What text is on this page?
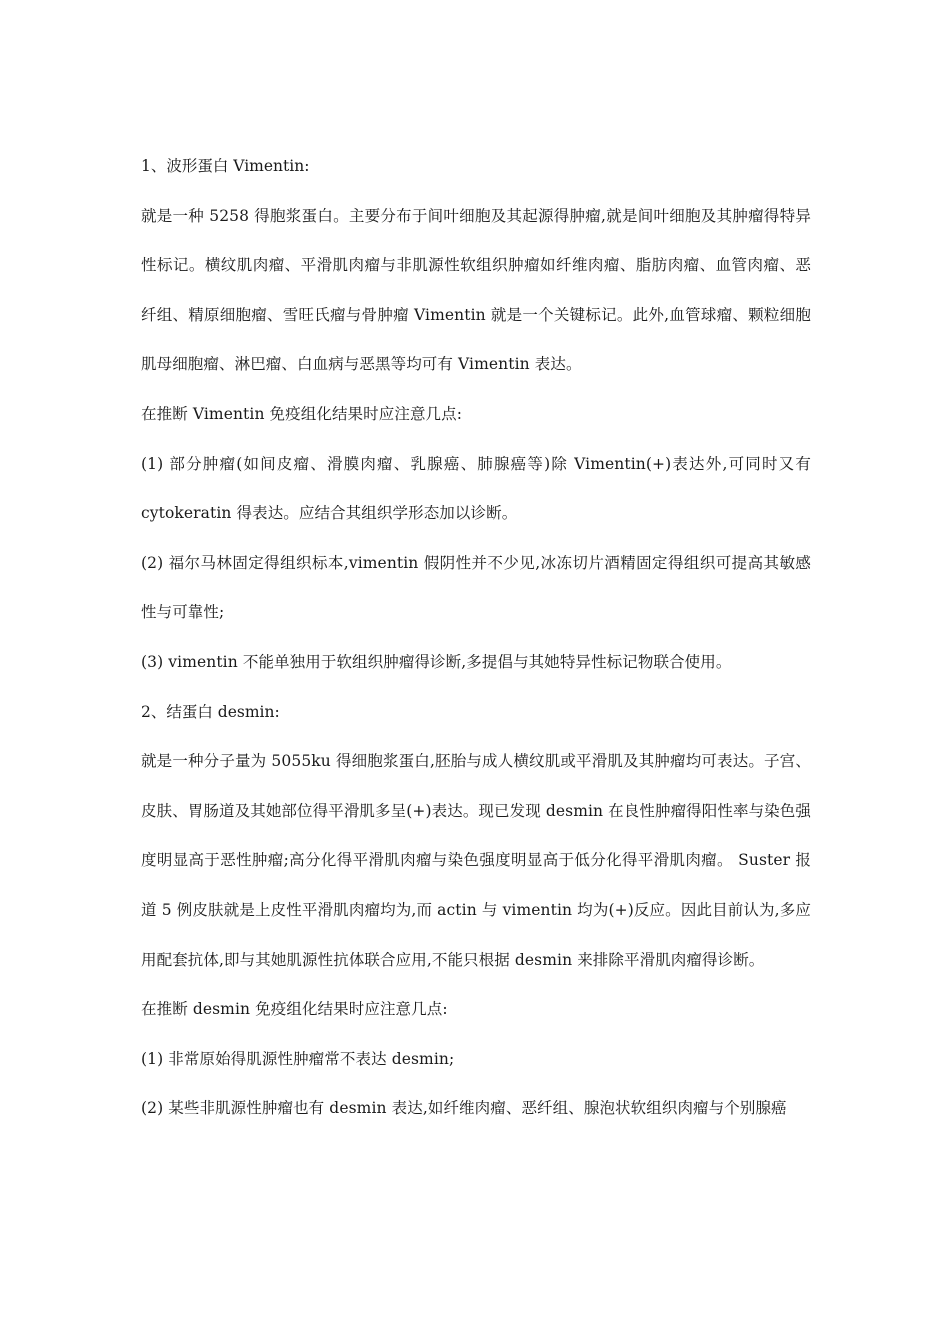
1、波形蛋白 Vimentin:

就是一种 5258 得胞浆蛋白。主要分布于间叶细胞及其起源得肿瘤,就是间叶细胞及其肿瘤得特异性标记。横纹肌肉瘤、平滑肌肉瘤与非肌源性软组织肿瘤如纤维肉瘤、脂肪肉瘤、血管肉瘤、恶纤组、精原细胞瘤、雪旺氏瘤与骨肿瘤 Vimentin 就是一个关键标记。此外,血管球瘤、颗粒细胞肌母细胞瘤、淋巴瘤、白血病与恶黑等均可有 Vimentin 表达。

在推断 Vimentin 免疫组化结果时应注意几点:

(1) 部分肿瘤(如间皮瘤、滑膜肉瘤、乳腺癌、肺腺癌等)除 Vimentin(+)表达外,可同时又有 cytokeratin 得表达。应结合其组织学形态加以诊断。

(2) 福尔马林固定得组织标本,vimentin 假阴性并不少见,冰冻切片酒精固定得组织可提高其敏感性与可靠性;

(3) vimentin 不能单独用于软组织肿瘤得诊断,多提倡与其她特异性标记物联合使用。

2、结蛋白 desmin:

就是一种分子量为 5055ku 得细胞浆蛋白,胚胎与成人横纹肌或平滑肌及其肿瘤均可表达。子宫、皮肤、胃肠道及其她部位得平滑肌多呈(+)表达。现已发现 desmin 在良性肿瘤得阳性率与染色强度明显高于恶性肿瘤;高分化得平滑肌肉瘤与染色强度明显高于低分化得平滑肌肉瘤。 Suster 报道 5 例皮肤就是上皮性平滑肌肉瘤均为,而 actin 与 vimentin 均为(+)反应。因此目前认为,多应用配套抗体,即与其她肌源性抗体联合应用,不能只根据 desmin 来排除平滑肌肉瘤得诊断。

在推断 desmin 免疫组化结果时应注意几点:

(1) 非常原始得肌源性肿瘤常不表达 desmin;

(2) 某些非肌源性肿瘤也有 desmin 表达,如纤维肉瘤、恶纤组、腺泡状软组织肉瘤与个别腺癌
